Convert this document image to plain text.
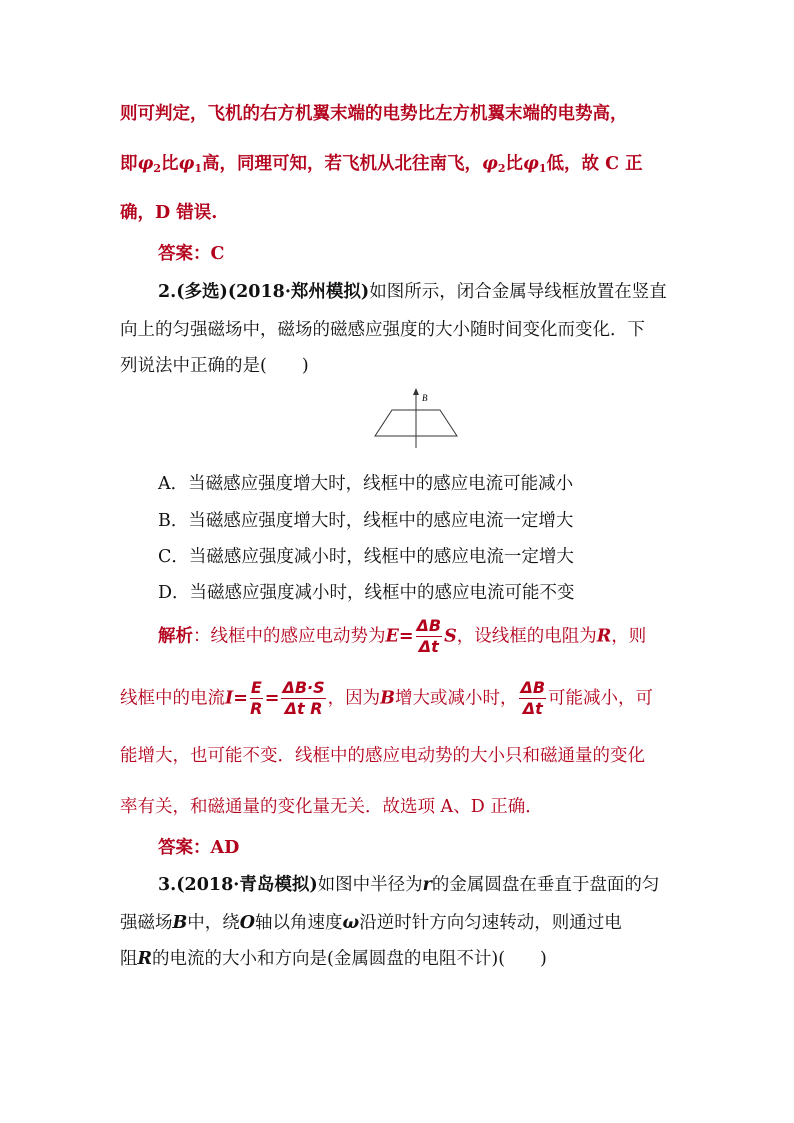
则可判定，飞机的右方机翼末端的电势比左方机翼末端的电势高，
即$\varphi_2$比$\varphi_1$高，同理可知，若飞机从北往南飞，$\varphi_2$比$\varphi_1$低，故 C 正
确，D 错误.
答案：C
2.(多选)(2018·郑州模拟)如图所示，闭合金属导线框放置在竖直
向上的匀强磁场中，磁场的磁感应强度的大小随时间变化而变化．下
列说法中正确的是(　　)
B
A．当磁感应强度增大时，线框中的感应电流可能减小
B．当磁感应强度增大时，线框中的感应电流一定增大
C．当磁感应强度减小时，线框中的感应电流一定增大
D．当磁感应强度减小时，线框中的感应电流可能不变
解析：线框中的感应电动势为$E= \frac{\Delta B}{\Delta t}$ S，设线框的电阻为R，则
线框中的电流$I= \frac{E}{R} = \frac{\Delta B\cdot S}{\text{Δt R}}$ ，因为B增大或减小时， $\frac{\Delta B}{\Delta t}$ 可能减小，可
能增大，也可能不变．线框中的感应电动势的大小只和磁通量的变化
率有关，和磁通量的变化量无关．故选项 A、D 正确．
答案：AD
3.(2018·青岛模拟)如图中半径为r的金属圆盘在垂直于盘面的匀
强磁场B中，绕O轴以角速度ω沿逆时针方向匀速转动，则通过电
阻R的电流的大小和方向是(金属圆盘的电阻不计)(　　)
